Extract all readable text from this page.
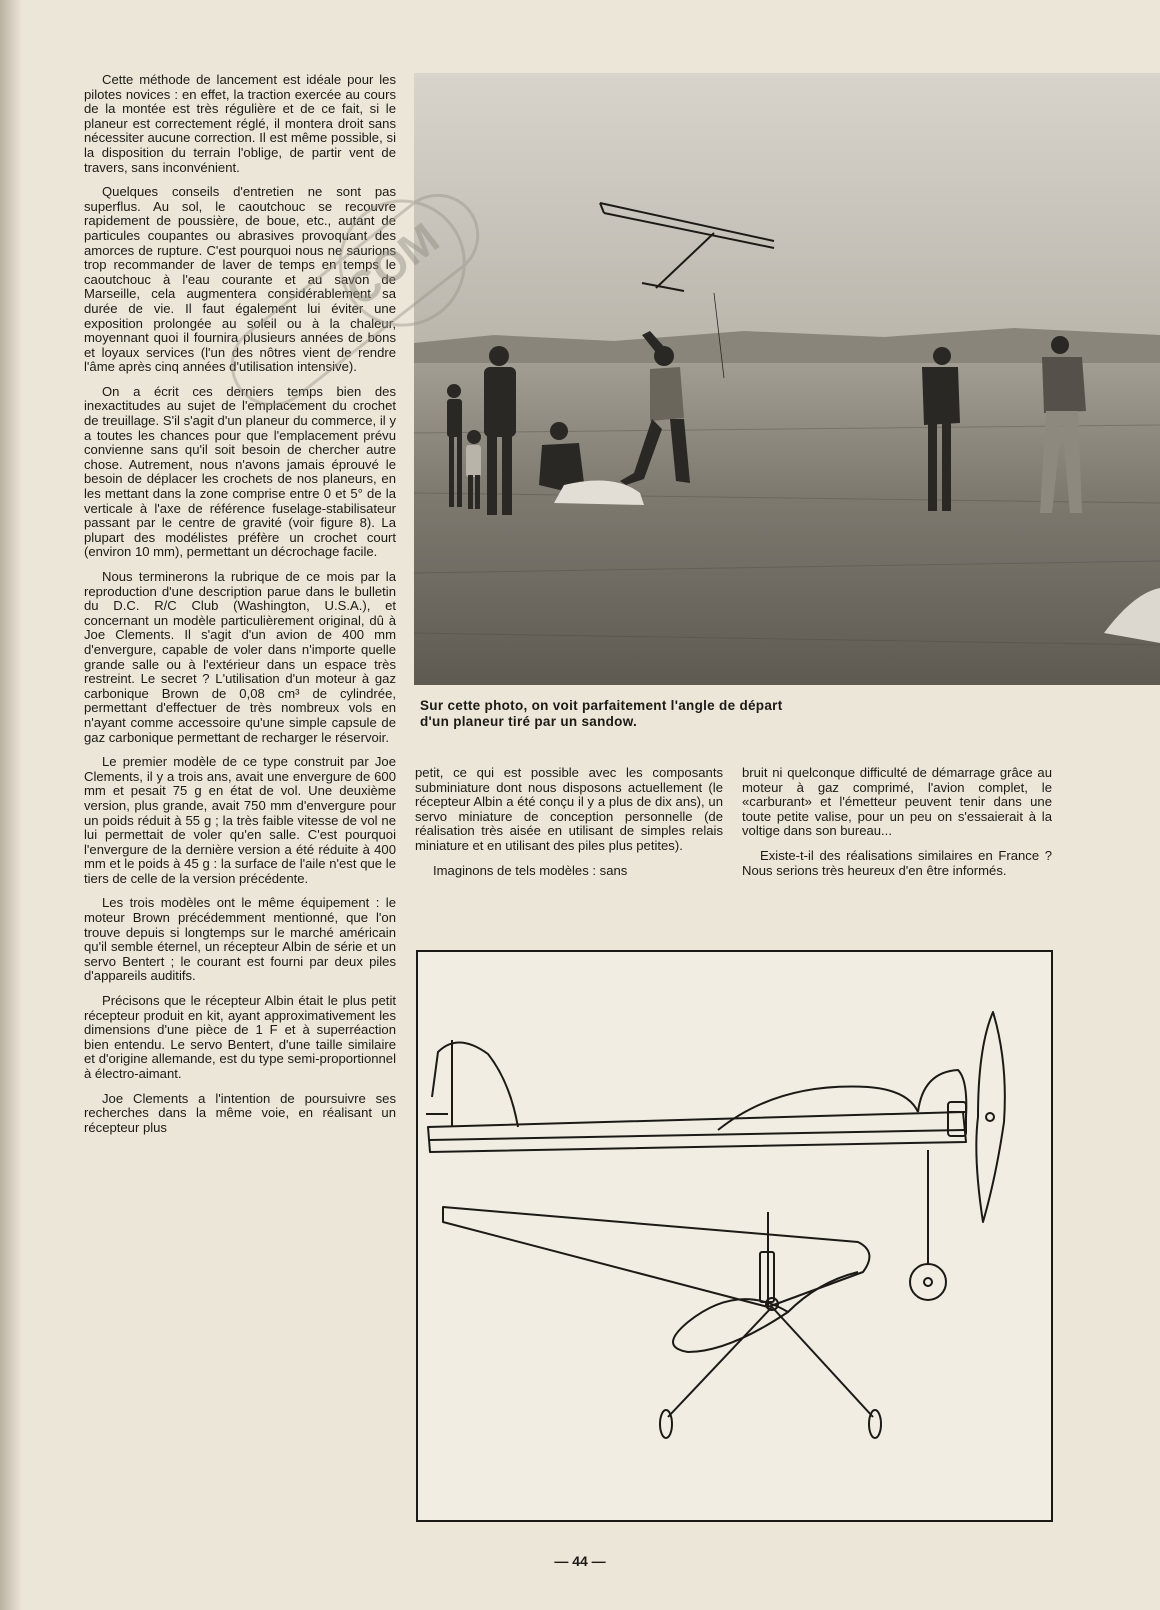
Cette méthode de lancement est idéale pour les pilotes novices : en effet, la traction exercée au cours de la montée est très régulière et de ce fait, si le planeur est correctement réglé, il montera droit sans nécessiter aucune correction. Il est même possible, si la disposition du terrain l'oblige, de partir vent de travers, sans inconvénient.

Quelques conseils d'entretien ne sont pas superflus. Au sol, le caoutchouc se recouvre rapidement de poussière, de boue, etc., autant de particules coupantes ou abrasives provoquant des amorces de rupture. C'est pourquoi nous ne saurions trop recommander de laver de temps en temps le caoutchouc à l'eau courante et au savon de Marseille, cela augmentera considérablement sa durée de vie. Il faut également lui éviter une exposition prolongée au soleil ou à la chaleur, moyennant quoi il fournira plusieurs années de bons et loyaux services (l'un des nôtres vient de rendre l'âme après cinq années d'utilisation intensive).

On a écrit ces derniers temps bien des inexactitudes au sujet de l'emplacement du crochet de treuillage. S'il s'agit d'un planeur du commerce, il y a toutes les chances pour que l'emplacement prévu convienne sans qu'il soit besoin de chercher autre chose. Autrement, nous n'avons jamais éprouvé le besoin de déplacer les crochets de nos planeurs, en les mettant dans la zone comprise entre 0 et 5° de la verticale à l'axe de référence fuselage-stabilisateur passant par le centre de gravité (voir figure 8). La plupart des modélistes préfère un crochet court (environ 10 mm), permettant un décrochage facile.

Nous terminerons la rubrique de ce mois par la reproduction d'une description parue dans le bulletin du D.C. R/C Club (Washington, U.S.A.), et concernant un modèle particulièrement original, dû à Joe Clements. Il s'agit d'un avion de 400 mm d'envergure, capable de voler dans n'importe quelle grande salle ou à l'extérieur dans un espace très restreint. Le secret ? L'utilisation d'un moteur à gaz carbonique Brown de 0,08 cm³ de cylindrée, permettant d'effectuer de très nombreux vols en n'ayant comme accessoire qu'une simple capsule de gaz carbonique permettant de recharger le réservoir.

Le premier modèle de ce type construit par Joe Clements, il y a trois ans, avait une envergure de 600 mm et pesait 75 g en état de vol. Une deuxième version, plus grande, avait 750 mm d'envergure pour un poids réduit à 55 g ; la très faible vitesse de vol ne lui permettait de voler qu'en salle. C'est pourquoi l'envergure de la dernière version a été réduite à 400 mm et le poids à 45 g : la surface de l'aile n'est que le tiers de celle de la version précédente.

Les trois modèles ont le même équipement : le moteur Brown précédemment mentionné, que l'on trouve depuis si longtemps sur le marché américain qu'il semble éternel, un récepteur Albin de série et un servo Bentert ; le courant est fourni par deux piles d'appareils auditifs.

Précisons que le récepteur Albin était le plus petit récepteur produit en kit, ayant approximativement les dimensions d'une pièce de 1 F et à superréaction bien entendu. Le servo Bentert, d'une taille similaire et d'origine allemande, est du type semi-proportionnel à électro-aimant.

Joe Clements a l'intention de poursuivre ses recherches dans la même voie, en réalisant un récepteur plus

Sur cette photo, on voit parfaitement l'angle de départ

d'un planeur tiré par un sandow.

petit, ce qui est possible avec les composants subminiature dont nous disposons actuellement (le récepteur Albin a été conçu il y a plus de dix ans), un servo miniature de conception personnelle (de réalisation très aisée en utilisant de simples relais miniature et en utilisant des piles plus petites).

Imaginons de tels modèles : sans

bruit ni quelconque difficulté de démarrage grâce au moteur à gaz comprimé, l'avion complet, le «carburant» et l'émetteur peuvent tenir dans une toute petite valise, pour un peu on s'essaierait à la voltige dans son bureau...

Existe-t-il des réalisations similaires en France ? Nous serions très heureux d'en être informés.

— 44 —
COM
